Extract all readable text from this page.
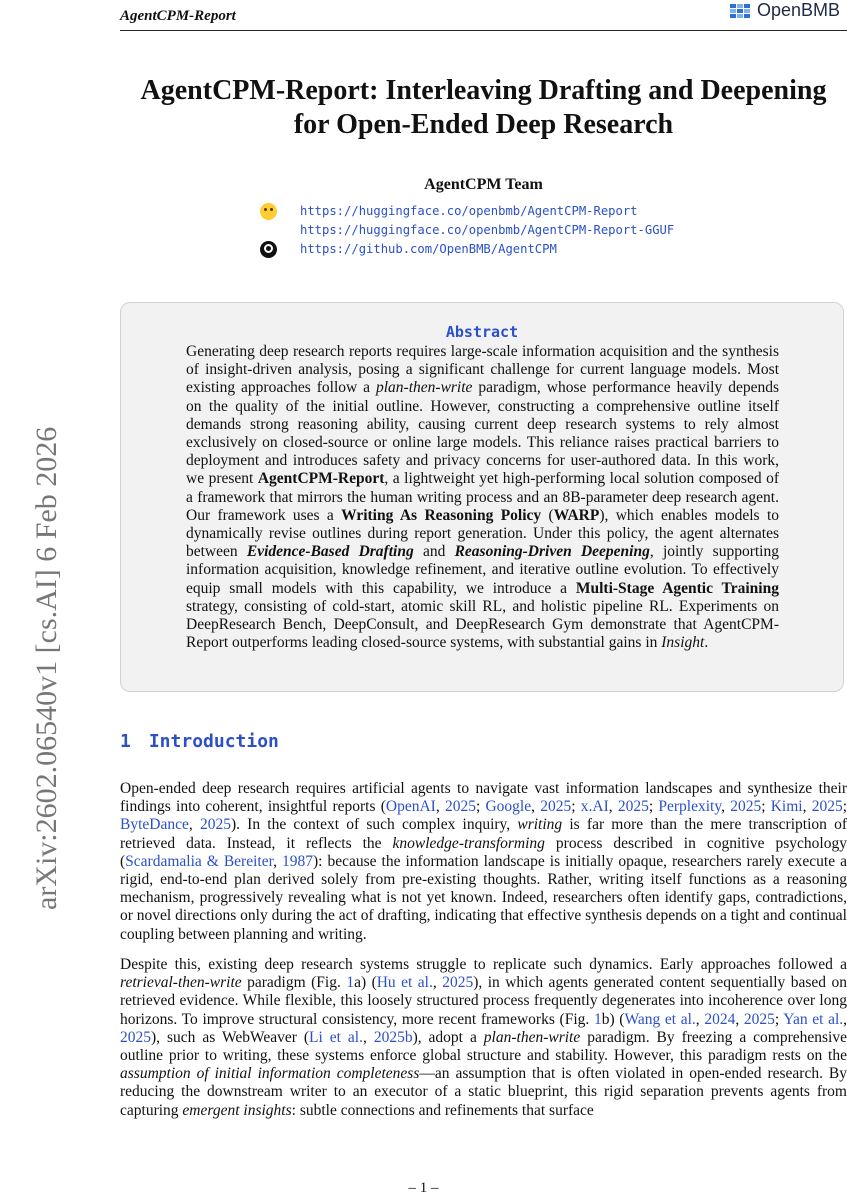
AgentCPM-Report	OpenBMB
arXiv:2602.06540v1 [cs.AI] 6 Feb 2026
AgentCPM-Report: Interleaving Drafting and Deepening for Open-Ended Deep Research
AgentCPM Team
https://huggingface.co/openbmb/AgentCPM-Report
https://huggingface.co/openbmb/AgentCPM-Report-GGUF
https://github.com/OpenBMB/AgentCPM
Abstract
Generating deep research reports requires large-scale information acquisition and the synthesis of insight-driven analysis, posing a significant challenge for current language models. Most existing approaches follow a plan-then-write paradigm, whose performance heavily depends on the quality of the initial outline. However, constructing a comprehensive outline itself demands strong reasoning ability, causing current deep research systems to rely almost exclusively on closed-source or online large models. This reliance raises practical barriers to deployment and introduces safety and privacy concerns for user-authored data. In this work, we present AgentCPM-Report, a lightweight yet high-performing local solution composed of a framework that mirrors the human writing process and an 8B-parameter deep research agent. Our framework uses a Writing As Reasoning Policy (WARP), which enables models to dynamically revise outlines during report generation. Under this policy, the agent alternates between Evidence-Based Drafting and Reasoning-Driven Deepening, jointly supporting information acquisition, knowledge refinement, and iterative outline evolution. To effectively equip small models with this capability, we introduce a Multi-Stage Agentic Training strategy, consisting of cold-start, atomic skill RL, and holistic pipeline RL. Experiments on DeepResearch Bench, DeepConsult, and DeepResearch Gym demonstrate that AgentCPM-Report outperforms leading closed-source systems, with substantial gains in Insight.
1 Introduction

Open-ended deep research requires artificial agents to navigate vast information landscapes and synthesize their findings into coherent, insightful reports (OpenAI, 2025; Google, 2025; x.AI, 2025; Perplexity, 2025; Kimi, 2025; ByteDance, 2025). In the context of such complex inquiry, writing is far more than the mere transcription of retrieved data. Instead, it reflects the knowledge-transforming process described in cognitive psychology (Scardamalia & Bereiter, 1987): because the information landscape is initially opaque, researchers rarely execute a rigid, end-to-end plan derived solely from pre-existing thoughts. Rather, writing itself functions as a reasoning mechanism, progressively revealing what is not yet known. Indeed, researchers often identify gaps, contradictions, or novel directions only during the act of drafting, indicating that effective synthesis depends on a tight and continual coupling between planning and writing.

Despite this, existing deep research systems struggle to replicate such dynamics. Early approaches followed a retrieval-then-write paradigm (Fig. 1a) (Hu et al., 2025), in which agents generated content sequentially based on retrieved evidence. While flexible, this loosely structured process frequently degenerates into incoherence over long horizons. To improve structural consistency, more recent frameworks (Fig. 1b) (Wang et al., 2024, 2025; Yan et al., 2025), such as WebWeaver (Li et al., 2025b), adopt a plan-then-write paradigm. By freezing a comprehensive outline prior to writing, these systems enforce global structure and stability. However, this paradigm rests on the assumption of initial information completeness—an assumption that is often violated in open-ended research. By reducing the downstream writer to an executor of a static blueprint, this rigid separation prevents agents from capturing emergent insights: subtle connections and refinements that surface

– 1 –
